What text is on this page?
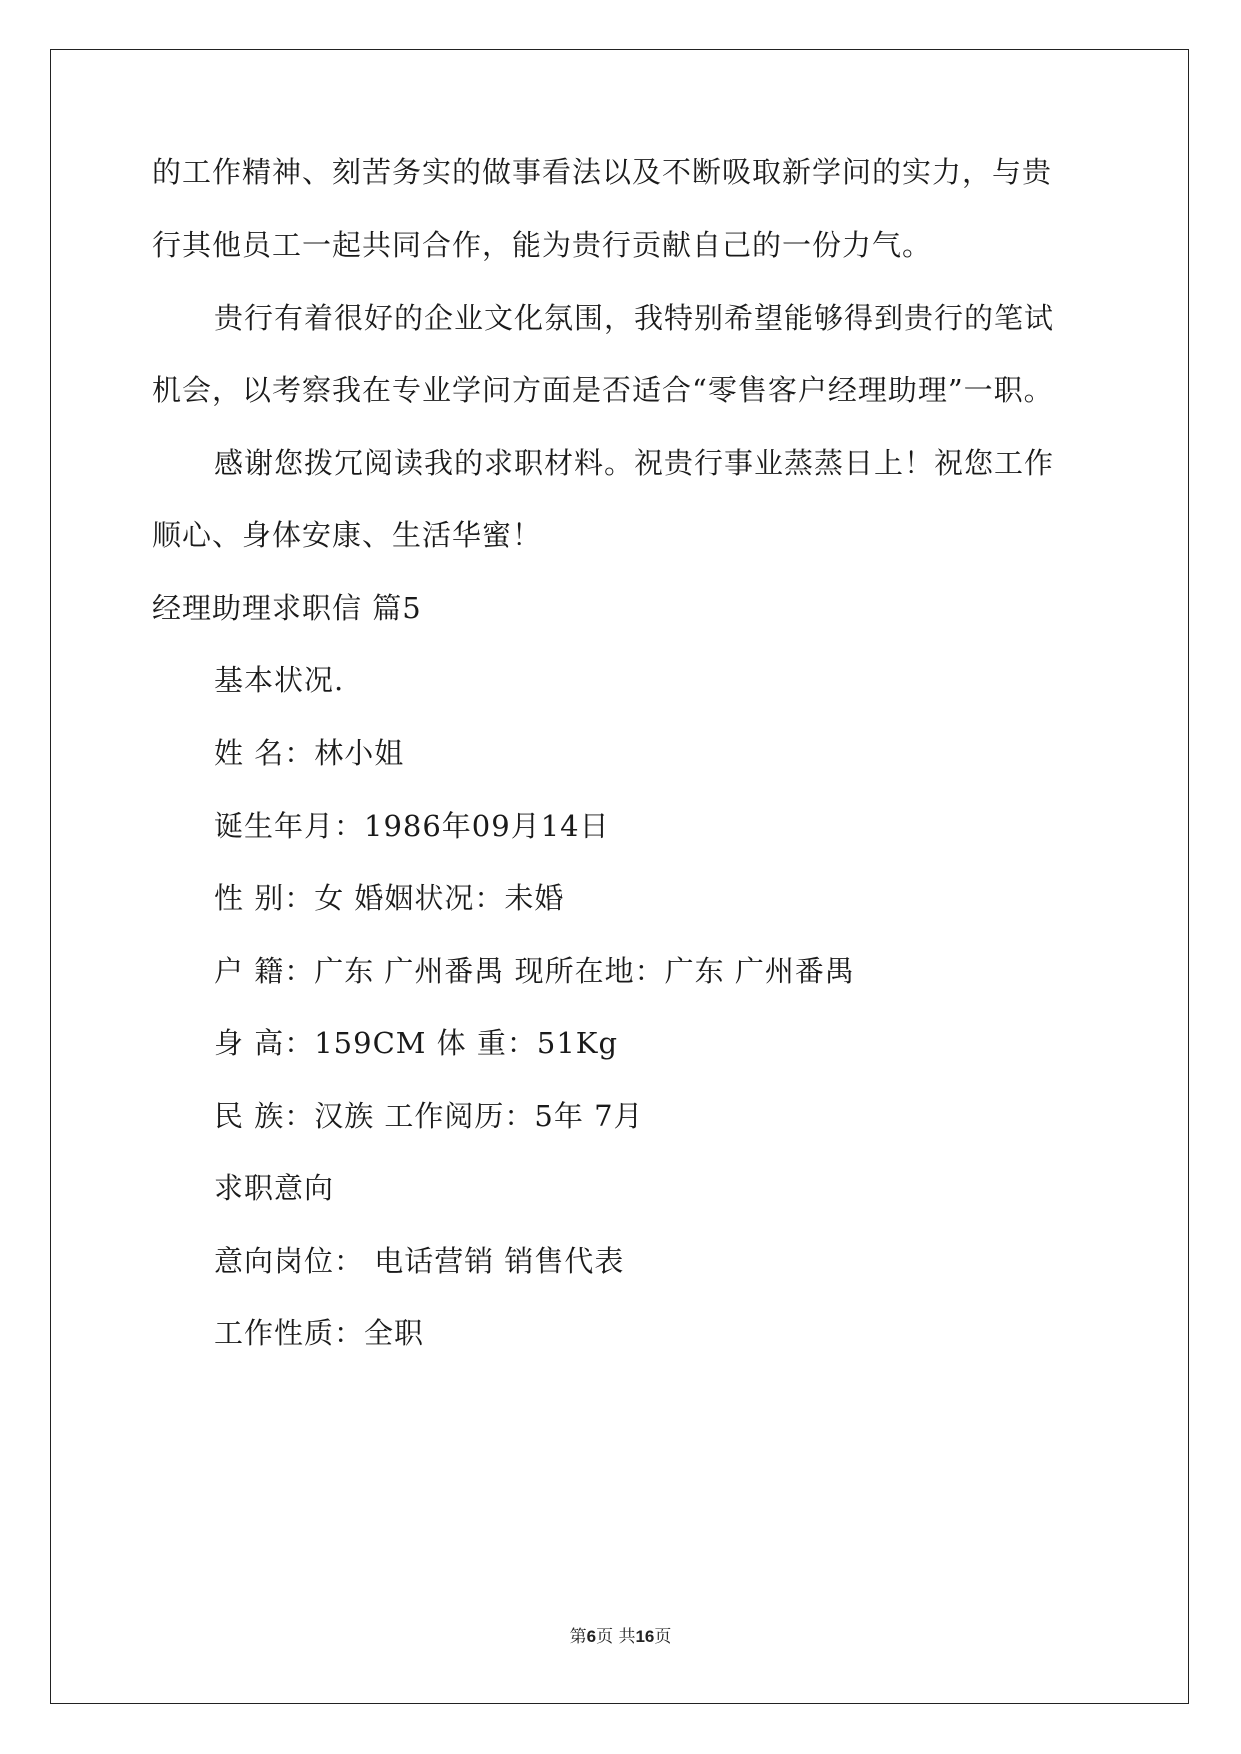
的工作精神、刻苦务实的做事看法以及不断吸取新学问的实力，与贵
行其他员工一起共同合作，能为贵行贡献自己的一份力气。
贵行有着很好的企业文化氛围，我特别希望能够得到贵行的笔试
机会，以考察我在专业学问方面是否适合“零售客户经理助理”一职。
感谢您拨冗阅读我的求职材料。祝贵行事业蒸蒸日上！祝您工作
顺心、身体安康、生活华蜜！
经理助理求职信 篇5
基本状况.
姓 名：林小姐
诞生年月：1986年09月14日
性 别：女 婚姻状况：未婚
户 籍：广东 广州番禺 现所在地：广东 广州番禺
身 高：159CM 体 重：51Kg
民 族：汉族 工作阅历：5年 7月
求职意向
意向岗位： 电话营销 销售代表
工作性质：全职
第6页 共16页
